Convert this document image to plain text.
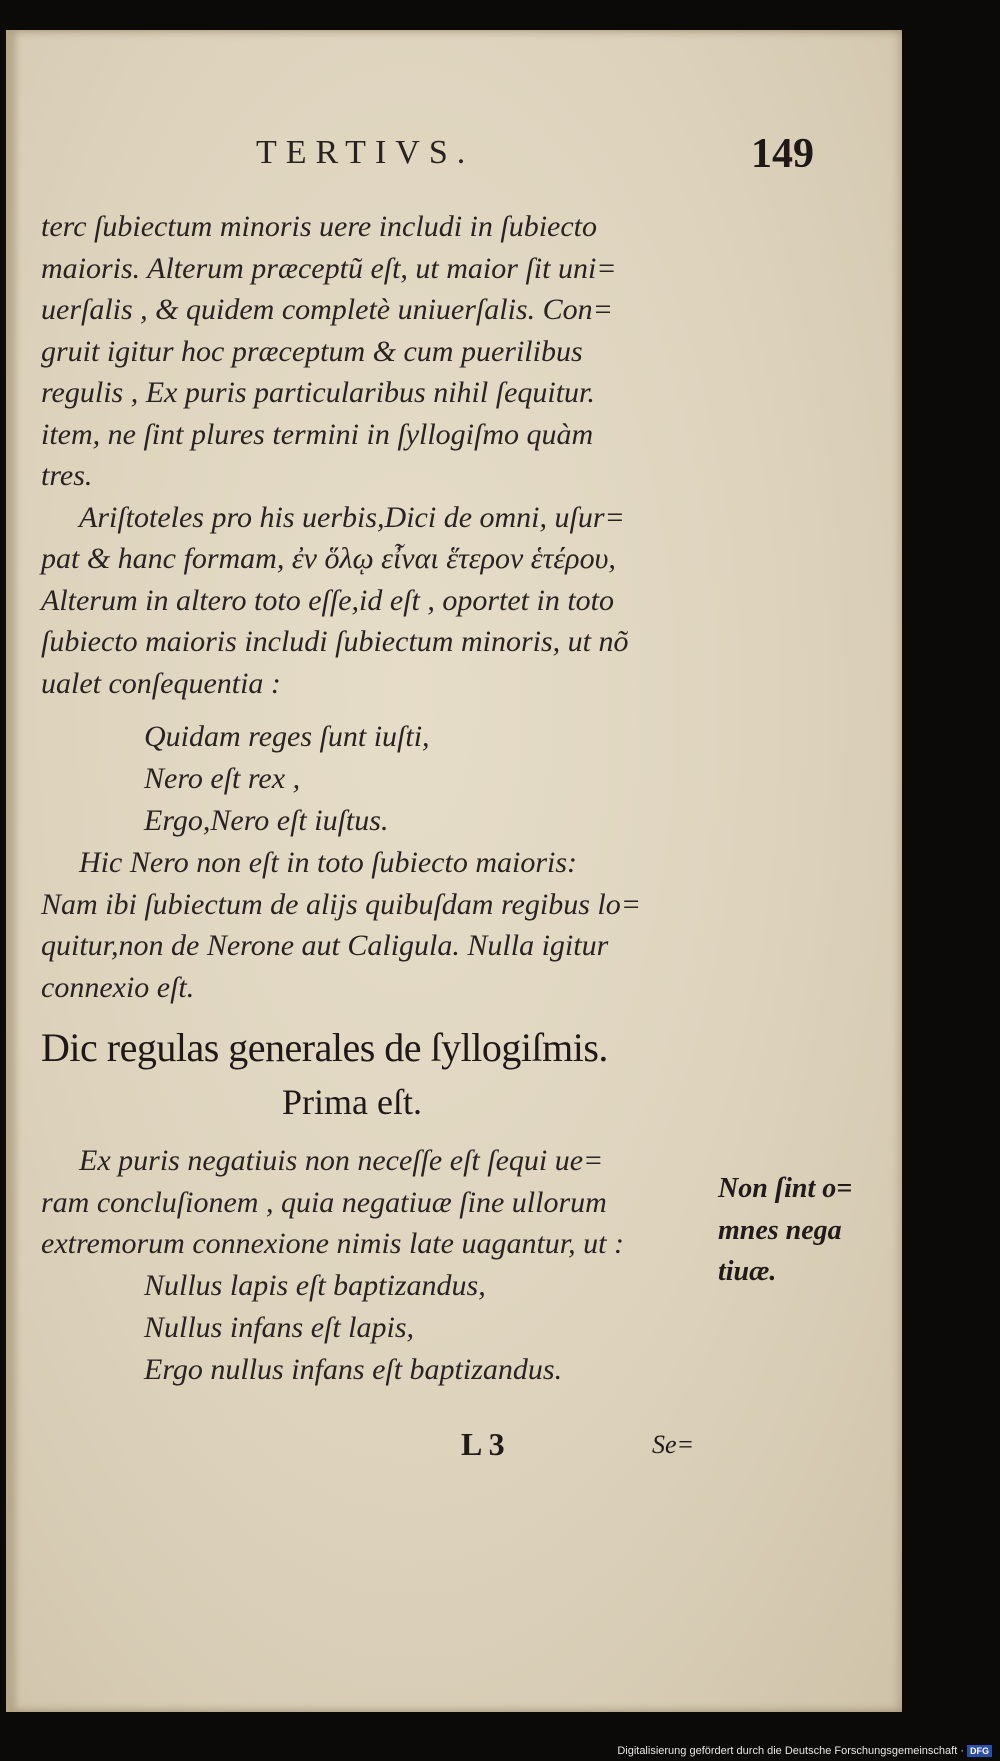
TERTIVS.	149
terc ſubiectum minoris uere includi in ſubiecto
maioris. Alterum præceptũ eſt, ut maior ſit uni=
uerſalis , & quidem completè uniuerſalis. Con=
gruit igitur hoc præceptum & cum puerilibus
regulis , Ex puris particularibus nihil ſequitur.
item, ne ſint plures termini in ſyllogiſmo quàm
tres.
Ariſtoteles pro his uerbis,Dici de omni, uſur=
pat & hanc formam, ἐν ὅλῳ εἶναι ἕτερον ἑτέρου,
Alterum in altero toto eſſe,id eſt , oportet in toto
ſubiecto maioris includi ſubiectum minoris, ut nõ
ualet conſequentia :
Quidam reges ſunt iuſti,
Nero eſt rex ,
Ergo,Nero eſt iuſtus.
Hic Nero non eſt in toto ſubiecto maioris:
Nam ibi ſubiectum de alijs quibuſdam regibus lo=
quitur,non de Nerone aut Caligula. Nulla igitur
connexio eſt.
Dic regulas generales de ſyllogiſmis.
Prima eſt.
Ex puris negatiuis non neceſſe eſt ſequi ue=
ram concluſionem , quia negatiuæ ſine ullorum
extremorum connexione nimis late uagantur, ut :
Nullus lapis eſt baptizandus,
Nullus infans eſt lapis,
Ergo nullus infans eſt baptizandus.
Non ſint o=
mnes nega
tiuæ.
L 3	Se=
Digitalisierung gefördert durch die Deutsche Forschungsgemeinschaft · DFG
